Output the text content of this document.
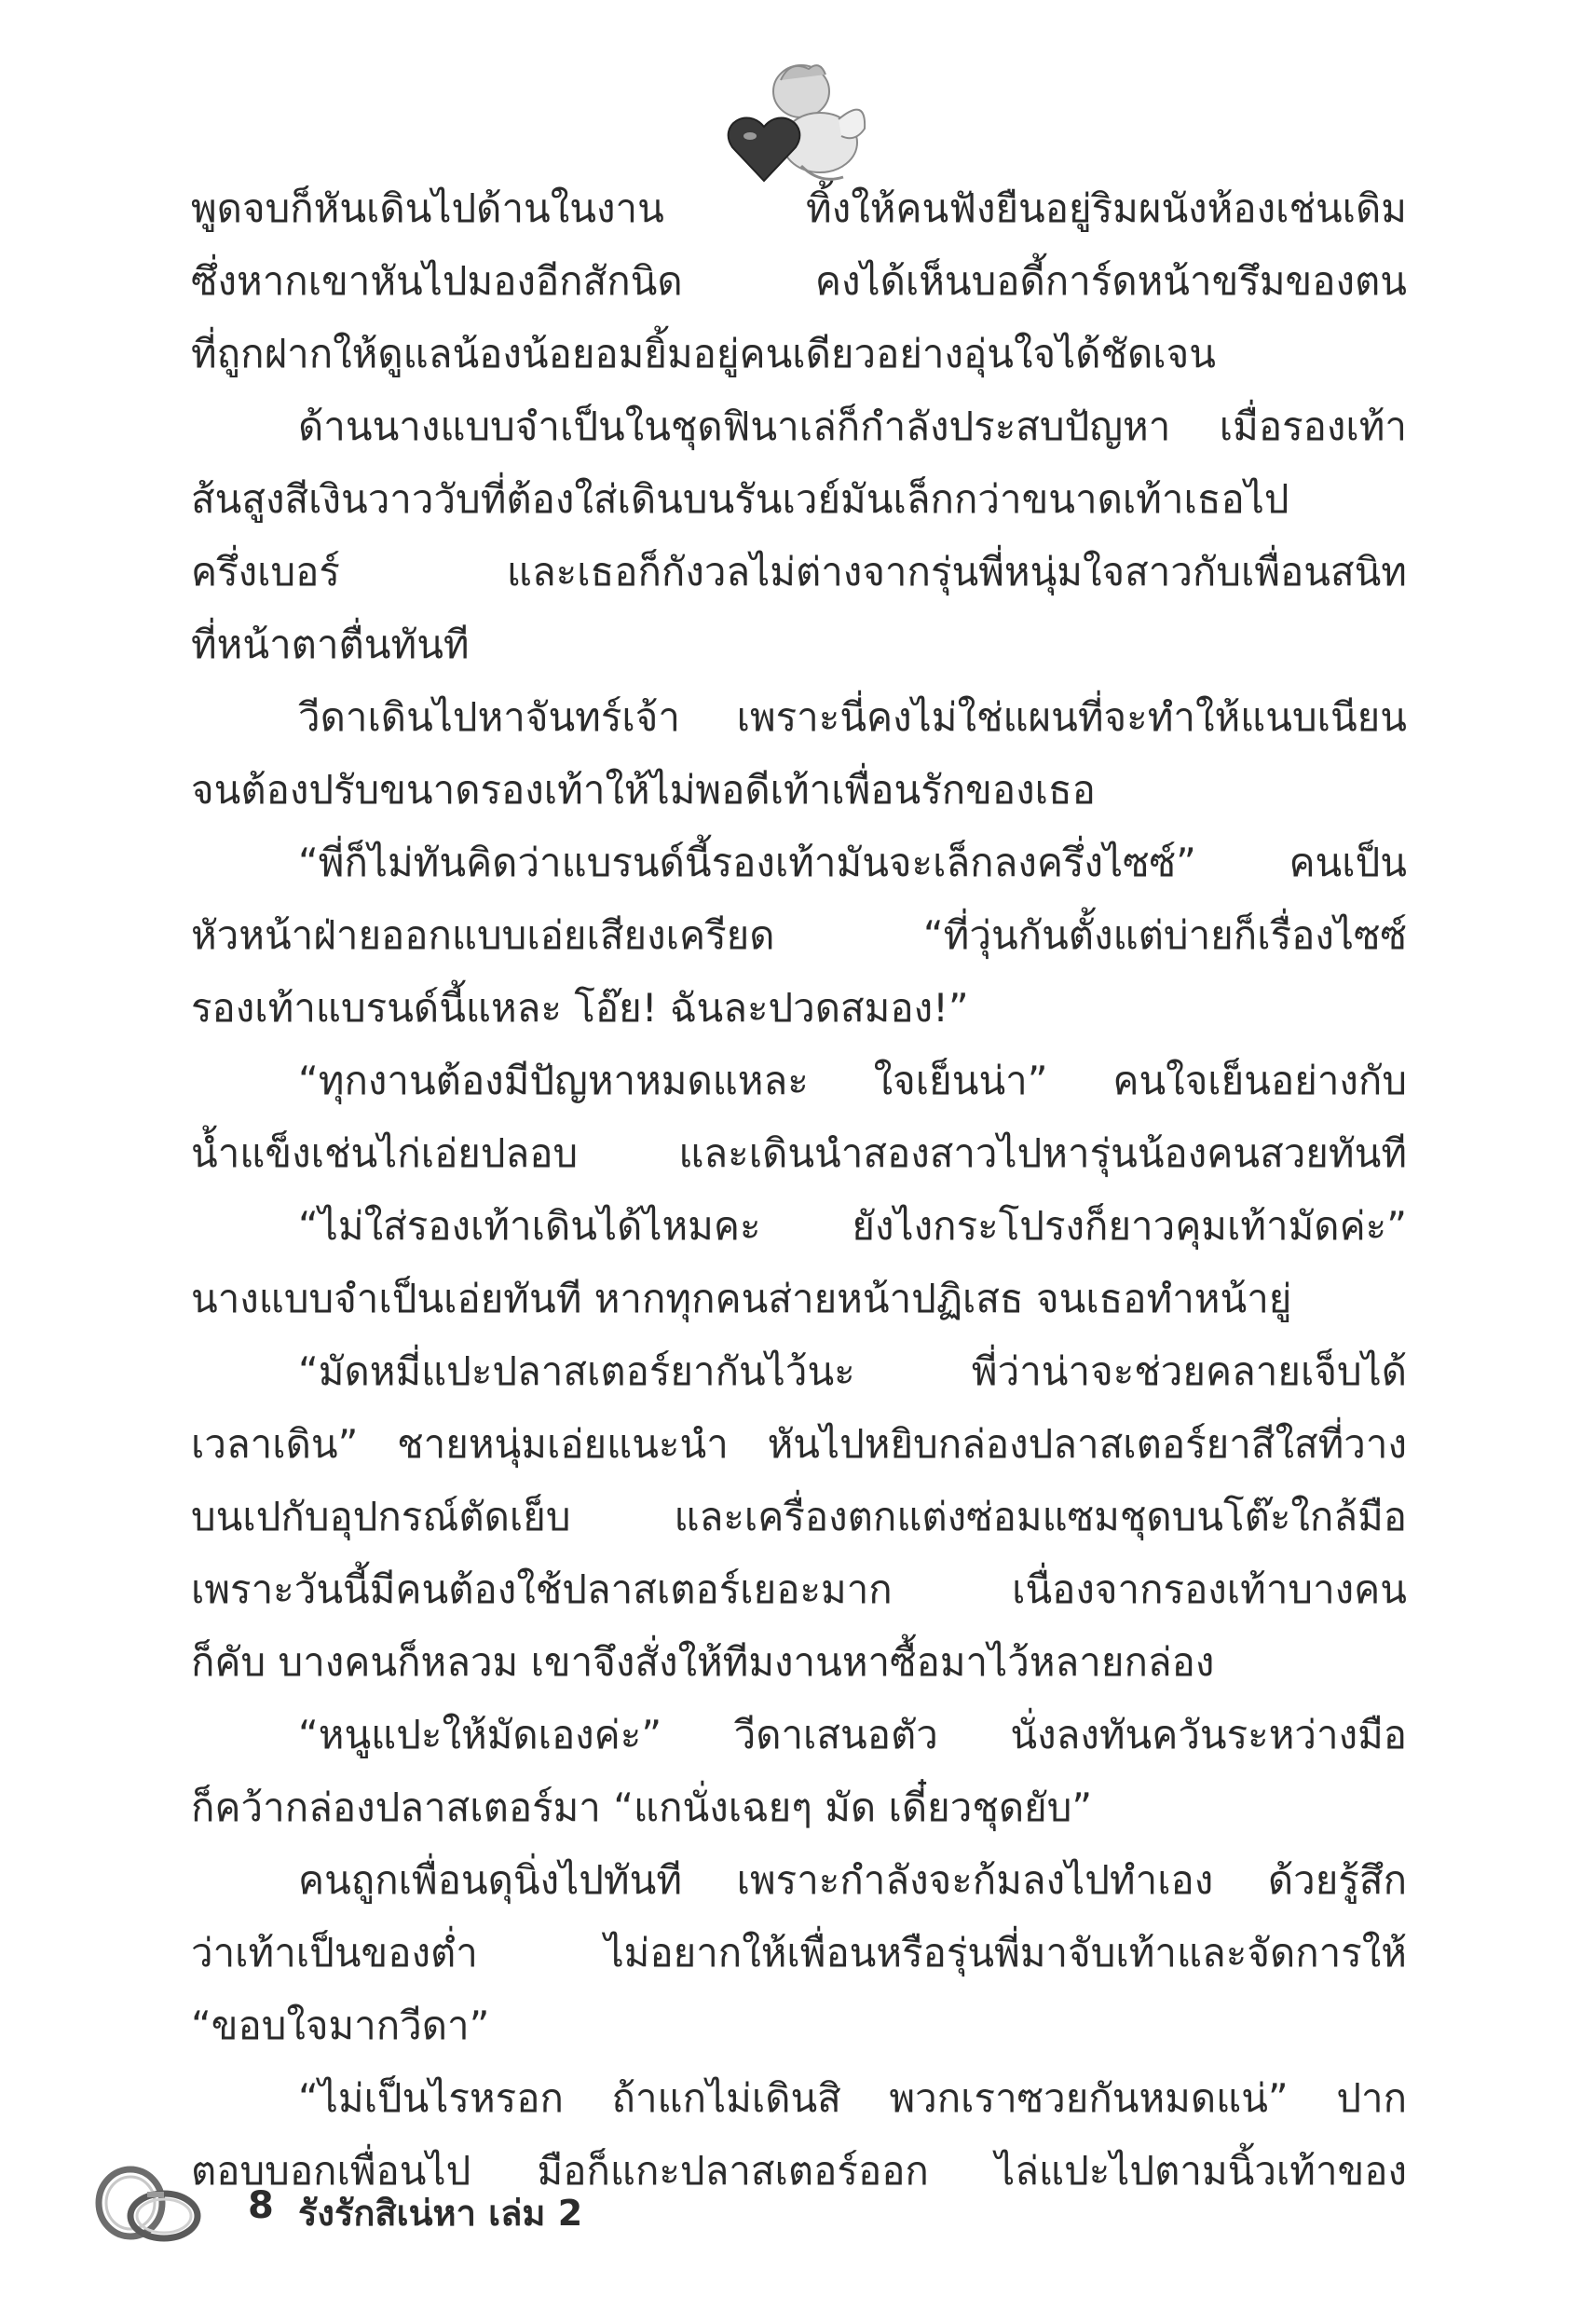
พูดจบก็หันเดินไปด้านในงาน ทิ้งให้คนฟังยืนอยู่ริมผนังห้องเช่นเดิม
ซึ่งหากเขาหันไปมองอีกสักนิด คงได้เห็นบอดี้การ์ดหน้าขรึมของตน
ที่ถูกฝากให้ดูแลน้องน้อยอมยิ้มอยู่คนเดียวอย่างอุ่นใจได้ชัดเจน
ด้านนางแบบจำเป็นในชุดฟินาเล่ก็กำลังประสบปัญหา เมื่อรองเท้า
ส้นสูงสีเงินวาววับที่ต้องใส่เดินบนรันเวย์มันเล็กกว่าขนาดเท้าเธอไป
ครึ่งเบอร์ และเธอก็กังวลไม่ต่างจากรุ่นพี่หนุ่มใจสาวกับเพื่อนสนิท
ที่หน้าตาตื่นทันที
วีดาเดินไปหาจันทร์เจ้า เพราะนี่คงไม่ใช่แผนที่จะทำให้แนบเนียน
จนต้องปรับขนาดรองเท้าให้ไม่พอดีเท้าเพื่อนรักของเธอ
“พี่ก็ไม่ทันคิดว่าแบรนด์นี้รองเท้ามันจะเล็กลงครึ่งไซซ์” คนเป็น
หัวหน้าฝ่ายออกแบบเอ่ยเสียงเครียด “ที่วุ่นกันตั้งแต่บ่ายก็เรื่องไซซ์
รองเท้าแบรนด์นี้แหละ โอ๊ย! ฉันละปวดสมอง!”
“ทุกงานต้องมีปัญหาหมดแหละ ใจเย็นน่า” คนใจเย็นอย่างกับ
น้ำแข็งเช่นไก่เอ่ยปลอบ และเดินนำสองสาวไปหารุ่นน้องคนสวยทันที
“ไม่ใส่รองเท้าเดินได้ไหมคะ ยังไงกระโปรงก็ยาวคุมเท้ามัดค่ะ”
นางแบบจำเป็นเอ่ยทันที หากทุกคนส่ายหน้าปฏิเสธ จนเธอทำหน้ายู่
“มัดหมี่แปะปลาสเตอร์ยากันไว้นะ พี่ว่าน่าจะช่วยคลายเจ็บได้
เวลาเดิน” ชายหนุ่มเอ่ยแนะนำ หันไปหยิบกล่องปลาสเตอร์ยาสีใสที่วาง
บนเปกับอุปกรณ์ตัดเย็บ และเครื่องตกแต่งซ่อมแซมชุดบนโต๊ะใกล้มือ
เพราะวันนี้มีคนต้องใช้ปลาสเตอร์เยอะมาก เนื่องจากรองเท้าบางคน
ก็คับ บางคนก็หลวม เขาจึงสั่งให้ทีมงานหาซื้อมาไว้หลายกล่อง
“หนูแปะให้มัดเองค่ะ” วีดาเสนอตัว นั่งลงทันควันระหว่างมือ
ก็คว้ากล่องปลาสเตอร์มา “แกนั่งเฉยๆ มัด เดี๋ยวชุดยับ”
คนถูกเพื่อนดุนิ่งไปทันที เพราะกำลังจะก้มลงไปทำเอง ด้วยรู้สึก
ว่าเท้าเป็นของต่ำ ไม่อยากให้เพื่อนหรือรุ่นพี่มาจับเท้าและจัดการให้
“ขอบใจมากวีดา”
“ไม่เป็นไรหรอก ถ้าแกไม่เดินสิ พวกเราซวยกันหมดแน่” ปาก
ตอบบอกเพื่อนไป มือก็แกะปลาสเตอร์ออก ไล่แปะไปตามนิ้วเท้าของ
8 รังรักสิเน่หา เล่ม 2
